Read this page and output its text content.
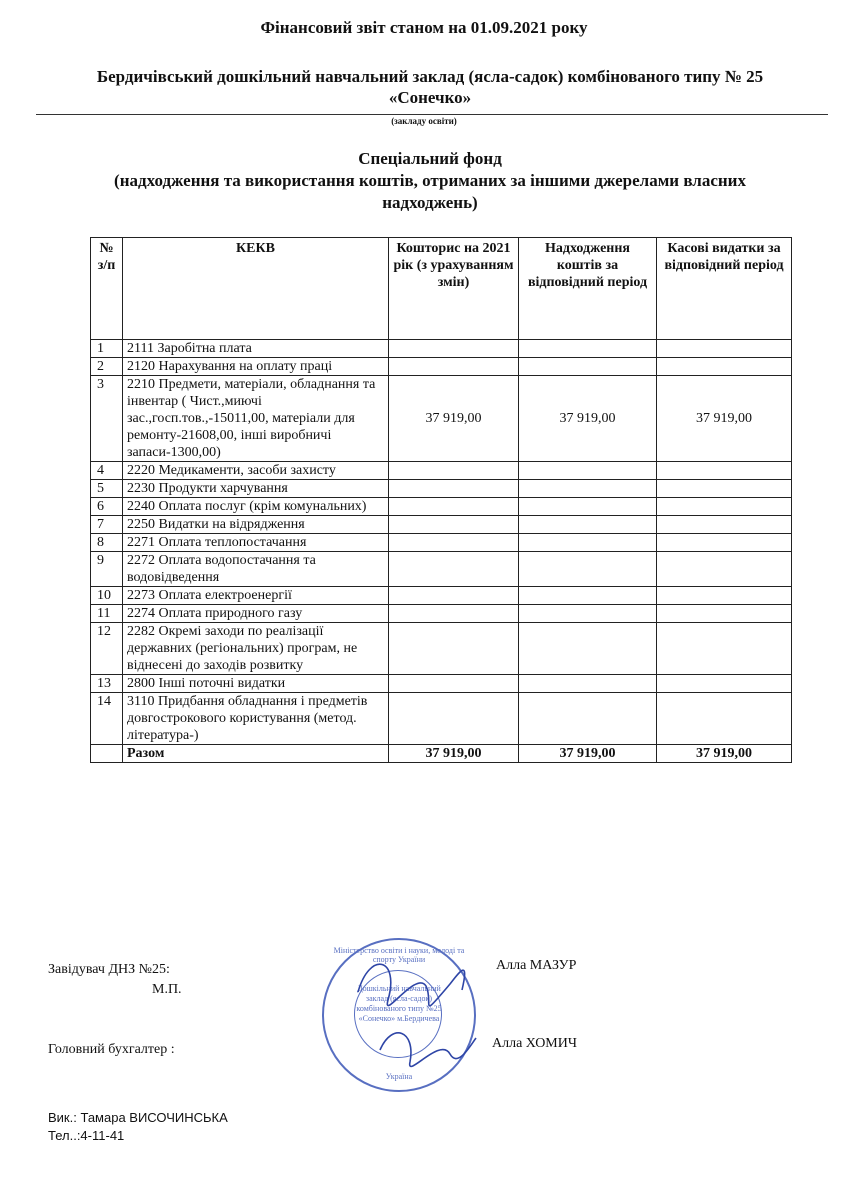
Фінансовий звіт станом на 01.09.2021 року
Бердичівський дошкільний навчальний заклад (ясла-садок) комбінованого типу № 25
«Сонечко»
(закладу освіти)
Спеціальний фонд
(надходження та використання коштів, отриманих за іншими джерелами власних
надходжень)
№ з/п	КЕКВ	Кошторис на 2021 рік (з урахуванням змін)	Надходження коштів за відповідний період	Касові видатки за відповідний період
1	2111 Заробітна плата			
2	2120 Нарахування на оплату праці			
3	2210 Предмети, матеріали, обладнання та інвентар ( Чист.,миючі зас.,госп.тов.,-15011,00, матеріали для ремонту-21608,00, інші виробничі запаси-1300,00)	37 919,00	37 919,00	37 919,00
4	2220 Медикаменти, засоби захисту			
5	2230 Продукти харчування			
6	2240 Оплата послуг (крім комунальних)			
7	2250 Видатки на відрядження			
8	2271 Оплата теплопостачання			
9	2272 Оплата водопостачання та водовідведення			
10	2273 Оплата електроенергії			
11	2274 Оплата природного газу			
12	2282 Окремі заходи по реалізації державних (регіональних) програм, не віднесені до заходів розвитку			
13	2800 Інші поточні видатки			
14	3110 Придбання обладнання і предметів довгострокового користування (метод. література-)			
	Разом	37 919,00	37 919,00	37 919,00
Завідувач ДНЗ №25:
М.П.
Алла МАЗУР
Головний бухгалтер :	Алла ХОМИЧ
Вик.: Тамара ВИСОЧИНСЬКА
Тел..:4-11-41
Міністерство освіти і науки, молоді та спорту України
Дошкільний навчальний заклад (ясла-садок) комбінованого типу №25 «Сонечко» м.Бердичева
Україна
